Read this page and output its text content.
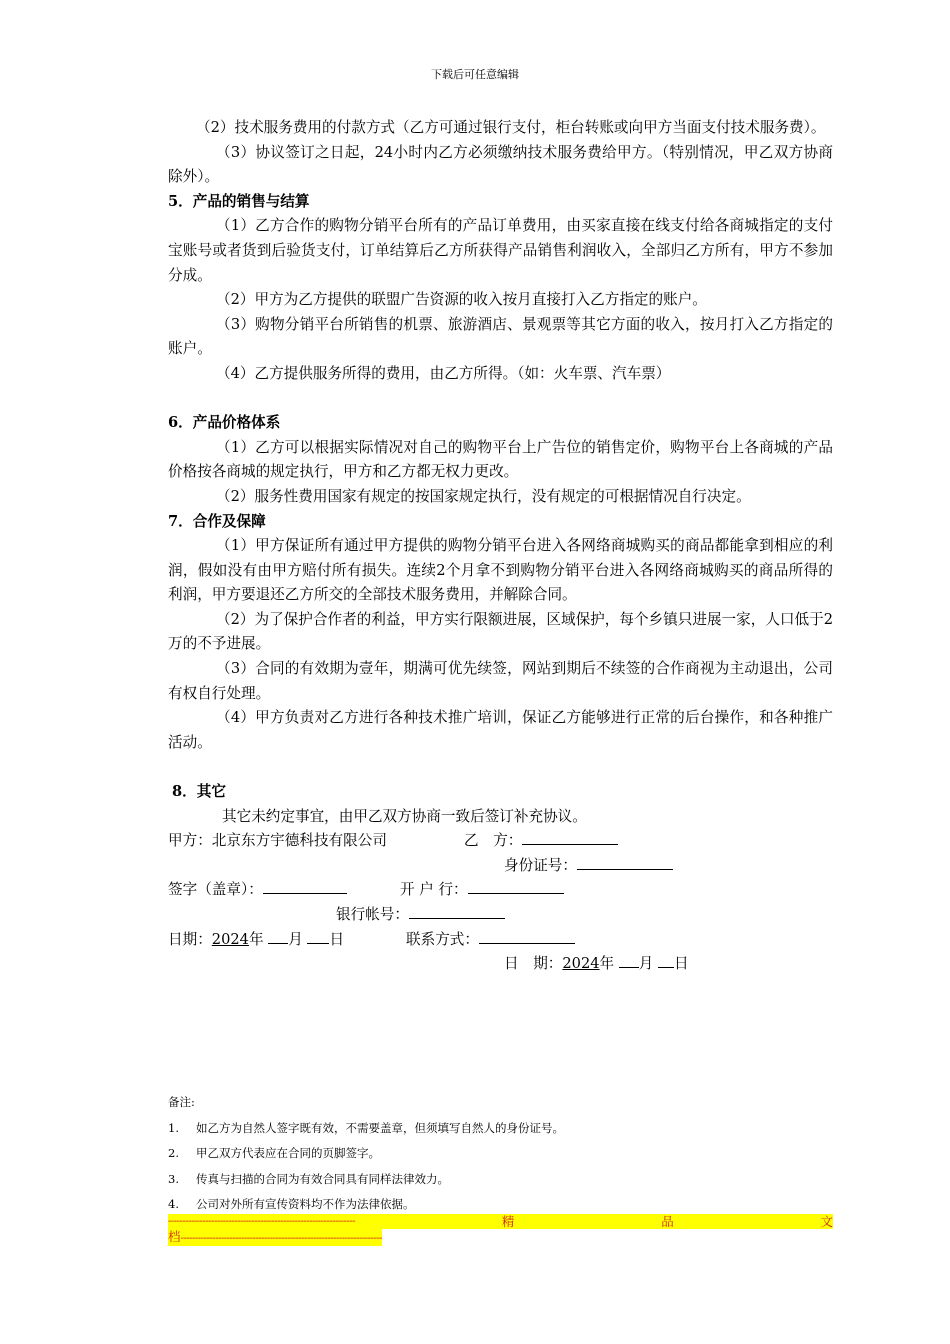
下载后可任意编辑

（2）技术服务费用的付款方式（乙方可通过银行支付，柜台转账或向甲方当面支付技术服务费）。

（3）协议签订之日起，24小时内乙方必须缴纳技术服务费给甲方。（特别情况，甲乙双方协商除外）。

5．产品的销售与结算

（1）乙方合作的购物分销平台所有的产品订单费用，由买家直接在线支付给各商城指定的支付宝账号或者货到后验货支付，订单结算后乙方所获得产品销售利润收入，全部归乙方所有，甲方不参加分成。

（2）甲方为乙方提供的联盟广告资源的收入按月直接打入乙方指定的账户。

（3）购物分销平台所销售的机票、旅游酒店、景观票等其它方面的收入，按月打入乙方指定的账户。

（4）乙方提供服务所得的费用，由乙方所得。（如：火车票、汽车票）

6．产品价格体系

（1）乙方可以根据实际情况对自己的购物平台上广告位的销售定价，购物平台上各商城的产品价格按各商城的规定执行，甲方和乙方都无权力更改。

（2）服务性费用国家有规定的按国家规定执行，没有规定的可根据情况自行决定。

7．合作及保障

（1）甲方保证所有通过甲方提供的购物分销平台进入各网络商城购买的商品都能拿到相应的利润，假如没有由甲方赔付所有损失。连续2个月拿不到购物分销平台进入各网络商城购买的商品所得的利润，甲方要退还乙方所交的全部技术服务费用，并解除合同。

（2）为了保护合作者的利益，甲方实行限额进展，区域保护，每个乡镇只进展一家，人口低于2万的不予进展。

（3）合同的有效期为壹年，期满可优先续签，网站到期后不续签的合作商视为主动退出，公司有权自行处理。

（4）甲方负责对乙方进行各种技术推广培训，保证乙方能够进行正常的后台操作，和各种推广活动。

8．其它

其它未约定事宜，由甲乙双方协商一致后签订补充协议。

甲方：北京东方宇德科技有限公司	乙　方：
身份证号：
签字（盖章）：	开 户 行：
银行帐号：
日期：2024年 月 日	联系方式：
日　期：2024年 月 日
备注:
1. 如乙方为自然人签字既有效，不需要盖章，但须填写自然人的身份证号。
2. 甲乙双方代表应在合同的页脚签字。
3. 传真与扫描的合同为有效合同具有同样法律效力。
4. 公司对外所有宣传资料均不作为法律依据。
-----------------------------------------------------------------	精	品	文
档----------------------------------------------------------------------
